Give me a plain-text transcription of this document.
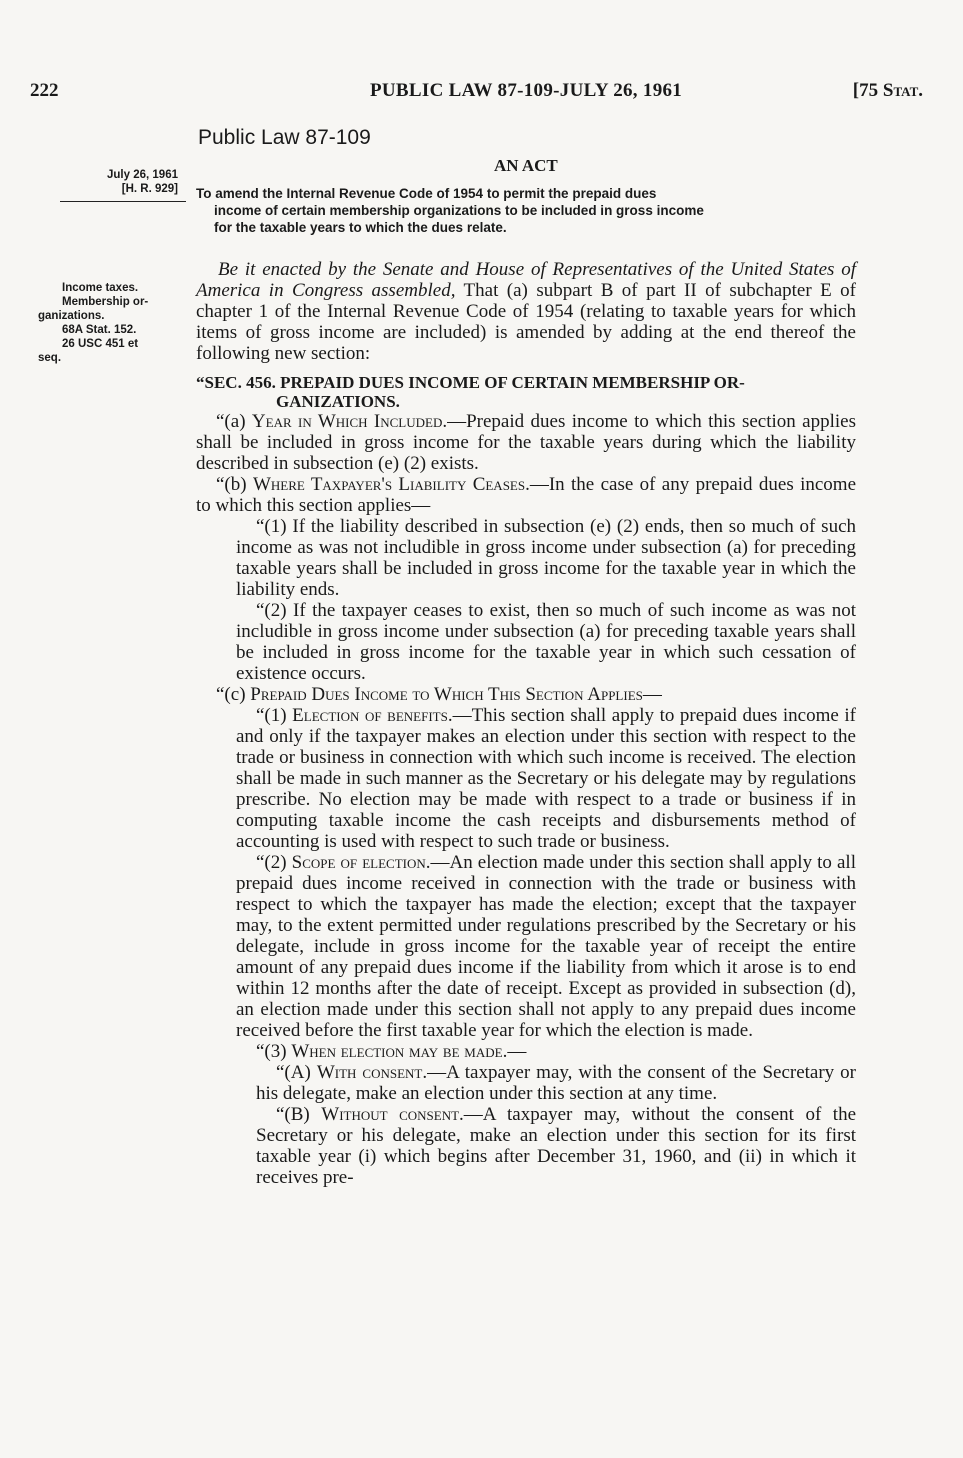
222	PUBLIC LAW 87-109-JULY 26, 1961	[75 Stat.
Public Law 87-109
AN ACT
July 26, 1961
[H. R. 929]
Income taxes.
Membership or-
ganizations.
68A Stat. 152.
26 USC 451 et
seq.
To amend the Internal Revenue Code of 1954 to permit the prepaid dues
income of certain membership organizations to be included in gross income
for the taxable years to which the dues relate.

Be it enacted by the Senate and House of Representatives of the United States of America in Congress assembled, That (a) subpart B of part II of subchapter E of chapter 1 of the Internal Revenue Code of 1954 (relating to taxable years for which items of gross income are included) is amended by adding at the end thereof the following new section:

“SEC. 456. PREPAID DUES INCOME OF CERTAIN MEMBERSHIP OR-
GANIZATIONS.

“(a) Year in Which Included.—Prepaid dues income to which this section applies shall be included in gross income for the taxable years during which the liability described in subsection (e) (2) exists.

“(b) Where Taxpayer's Liability Ceases.—In the case of any prepaid dues income to which this section applies—

“(1) If the liability described in subsection (e) (2) ends, then so much of such income as was not includible in gross income under subsection (a) for preceding taxable years shall be included in gross income for the taxable year in which the liability ends.

“(2) If the taxpayer ceases to exist, then so much of such income as was not includible in gross income under subsection (a) for preceding taxable years shall be included in gross income for the taxable year in which such cessation of existence occurs.

“(c) Prepaid Dues Income to Which This Section Applies—

“(1) Election of benefits.—This section shall apply to prepaid dues income if and only if the taxpayer makes an election under this section with respect to the trade or business in connection with which such income is received. The election shall be made in such manner as the Secretary or his delegate may by regulations prescribe. No election may be made with respect to a trade or business if in computing taxable income the cash receipts and disbursements method of accounting is used with respect to such trade or business.

“(2) Scope of election.—An election made under this section shall apply to all prepaid dues income received in connection with the trade or business with respect to which the taxpayer has made the election; except that the taxpayer may, to the extent permitted under regulations prescribed by the Secretary or his delegate, include in gross income for the taxable year of receipt the entire amount of any prepaid dues income if the liability from which it arose is to end within 12 months after the date of receipt. Except as provided in subsection (d), an election made under this section shall not apply to any prepaid dues income received before the first taxable year for which the election is made.

“(3) When election may be made.—

“(A) With consent.—A taxpayer may, with the consent of the Secretary or his delegate, make an election under this section at any time.

“(B) Without consent.—A taxpayer may, without the consent of the Secretary or his delegate, make an election under this section for its first taxable year (i) which begins after December 31, 1960, and (ii) in which it receives pre-
